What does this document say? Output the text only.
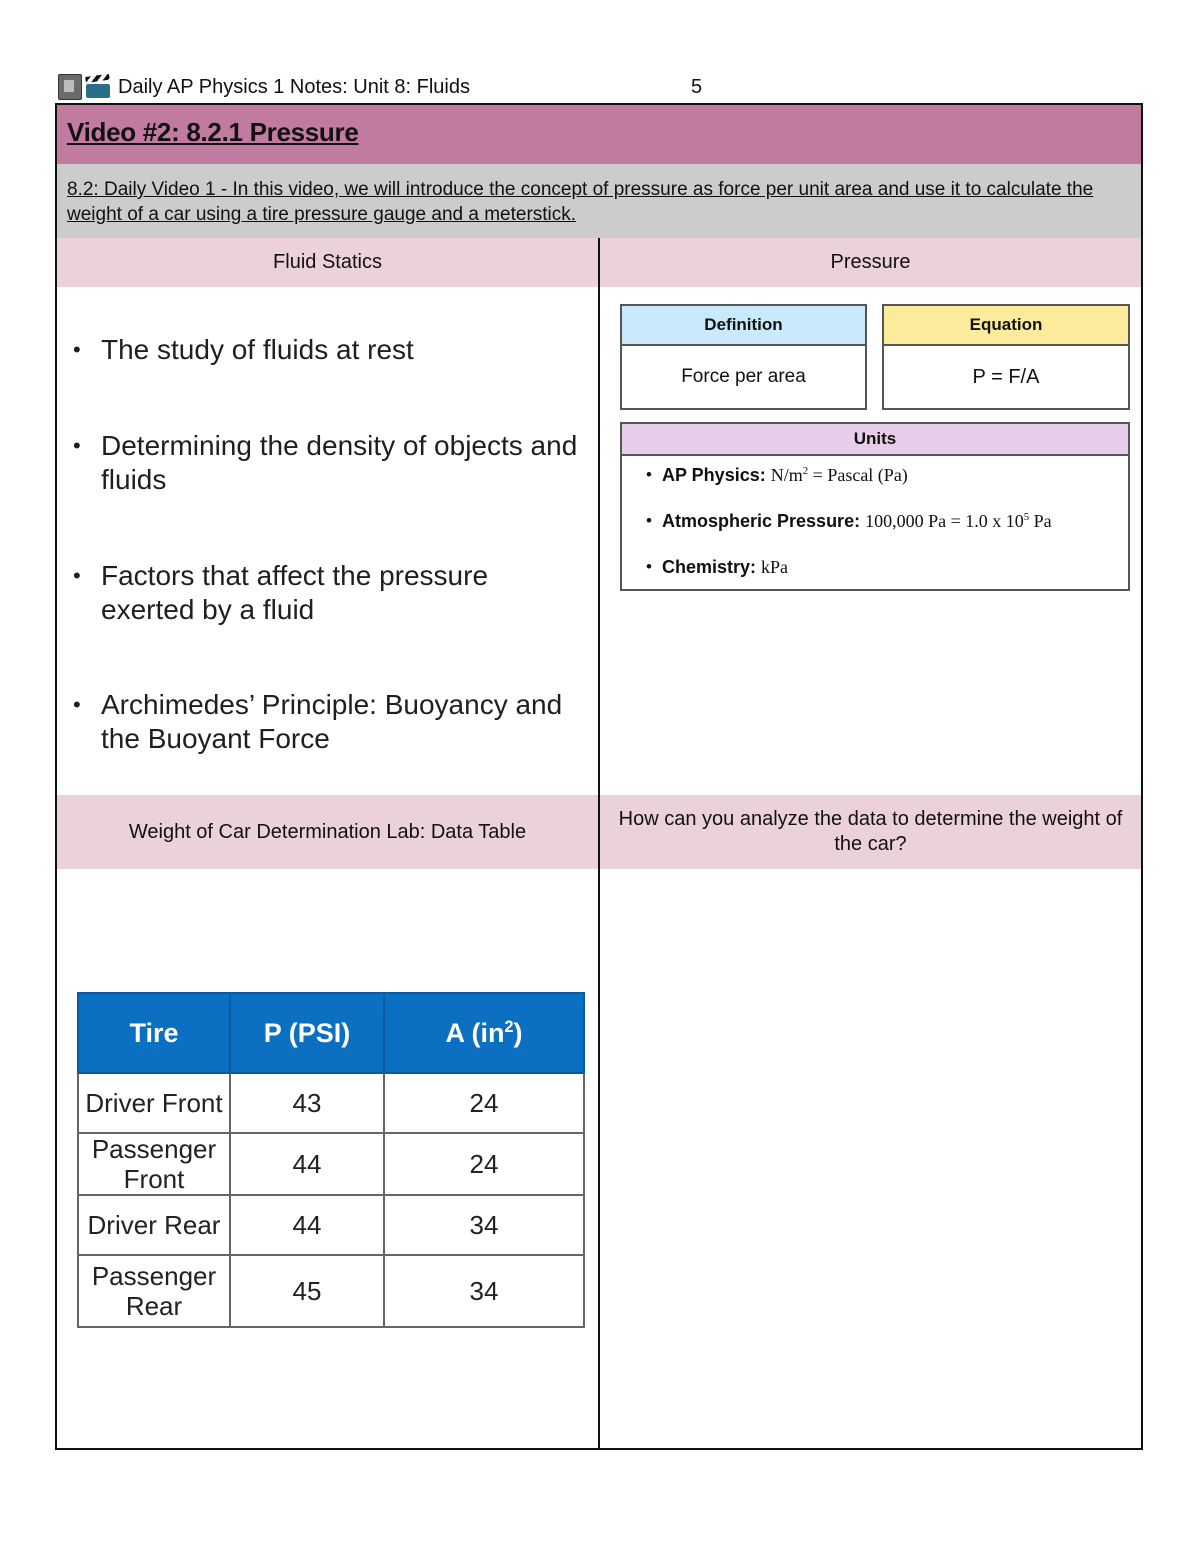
Daily AP Physics 1 Notes: Unit 8: Fluids	5
Video #2: 8.2.1 Pressure
8.2: Daily Video 1 - In this video, we will introduce the concept of pressure as force per unit area and use it to calculate the weight of a car using a tire pressure gauge and a meterstick.
Fluid Statics	Pressure
• The study of fluids at rest
• Determining the density of objects and fluids
• Factors that affect the pressure exerted by a fluid
• Archimedes’ Principle: Buoyancy and the Buoyant Force
Definition
Force per area
Equation
P = F/A
Units
• AP Physics: $N/m^2$ = Pascal (Pa)
• Atmospheric Pressure: 100,000 Pa = 1.0 x $10^5$ Pa
• Chemistry: kPa
Weight of Car Determination Lab: Data Table
How can you analyze the data to determine the weight of the car?
Tire	P (PSI)	A $(in^2)$
Driver Front	43	24
Passenger Front	44	24
Driver Rear	44	34
Passenger Rear	45	34
